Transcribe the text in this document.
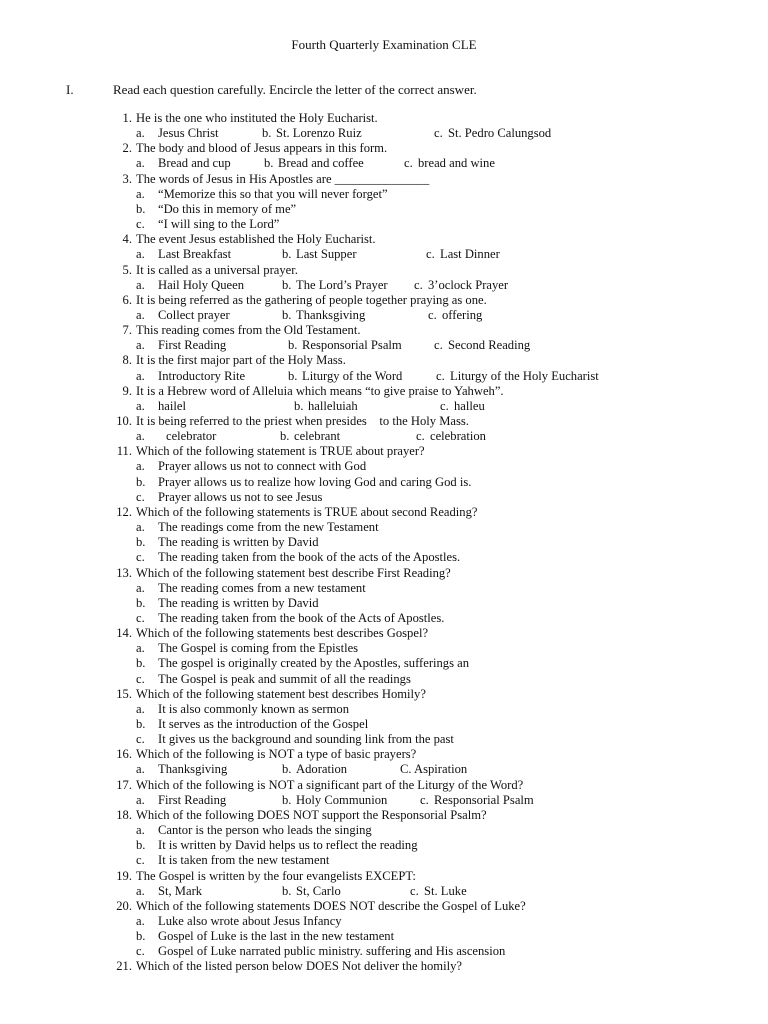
Fourth Quarterly Examination CLE
I.	Read each question carefully. Encircle the letter of the correct answer.
1. He is the one who instituted the Holy Eucharist.
a. Jesus Christ	b. St. Lorenzo Ruiz	c. St. Pedro Calungsod
2. The body and blood of Jesus appears in this form.
a. Bread and cup	b. Bread and coffee	c. bread and wine
3. The words of Jesus in His Apostles are _______________
a. “Memorize this so that you will never forget”
b. “Do this in memory of me”
c. “I will sing to the Lord”
4. The event Jesus established the Holy Eucharist.
a. Last Breakfast	b. Last Supper	c. Last Dinner
5. It is called as a universal prayer.
a. Hail Holy Queen	b. The Lord’s Prayer c. 3’oclock Prayer
6. It is being referred as the gathering of people together praying as one.
a. Collect prayer	b. Thanksgiving	c. offering
7. This reading comes from the Old Testament.
a. First Reading	b. Responsorial Psalm	c. Second Reading
8. It is the first major part of the Holy Mass.
a. Introductory Rite	b. Liturgy of the Word	c. Liturgy of the Holy Eucharist
9. It is a Hebrew word of Alleluia which means “to give praise to Yahweh”.
a. hailel	b. halleluiah	c. halleu
10. It is being referred to the priest when presides    to the Holy Mass.
a. celebrator	b. celebrant	c. celebration
11. Which of the following statement is TRUE about prayer?
a. Prayer allows us not to connect with God
b. Prayer allows us to realize how loving God and caring God is.
c. Prayer allows us not to see Jesus
12. Which of the following statements is TRUE about second Reading?
a. The readings come from the new Testament
b. The reading is written by David
c. The reading taken from the book of the acts of the Apostles.
13. Which of the following statement best describe First Reading?
a. The reading comes from a new testament
b. The reading is written by David
c. The reading taken from the book of the Acts of Apostles.
14. Which of the following statements best describes Gospel?
a. The Gospel is coming from the Epistles
b. The gospel is originally created by the Apostles, sufferings an
c. The Gospel is peak and summit of all the readings
15. Which of the following statement best describes Homily?
a. It is also commonly known as sermon
b. It serves as the introduction of the Gospel
c. It gives us the background and sounding link from the past
16. Which of the following is NOT a type of basic prayers?
a. Thanksgiving	b. Adoration	C. Aspiration
17. Which of the following is NOT a significant part of the Liturgy of the Word?
a. First Reading	b. Holy Communion	c. Responsorial Psalm
18. Which of the following DOES NOT support the Responsorial Psalm?
a. Cantor is the person who leads the singing
b. It is written by David helps us to reflect the reading
c. It is taken from the new testament
19. The Gospel is written by the four evangelists EXCEPT:
a. St, Mark	b. St, Carlo	c. St. Luke
20. Which of the following statements DOES NOT describe the Gospel of Luke?
a. Luke also wrote about Jesus Infancy
b. Gospel of Luke is the last in the new testament
c. Gospel of Luke narrated public ministry. suffering and His ascension
21. Which of the listed person below DOES Not deliver the homily?
